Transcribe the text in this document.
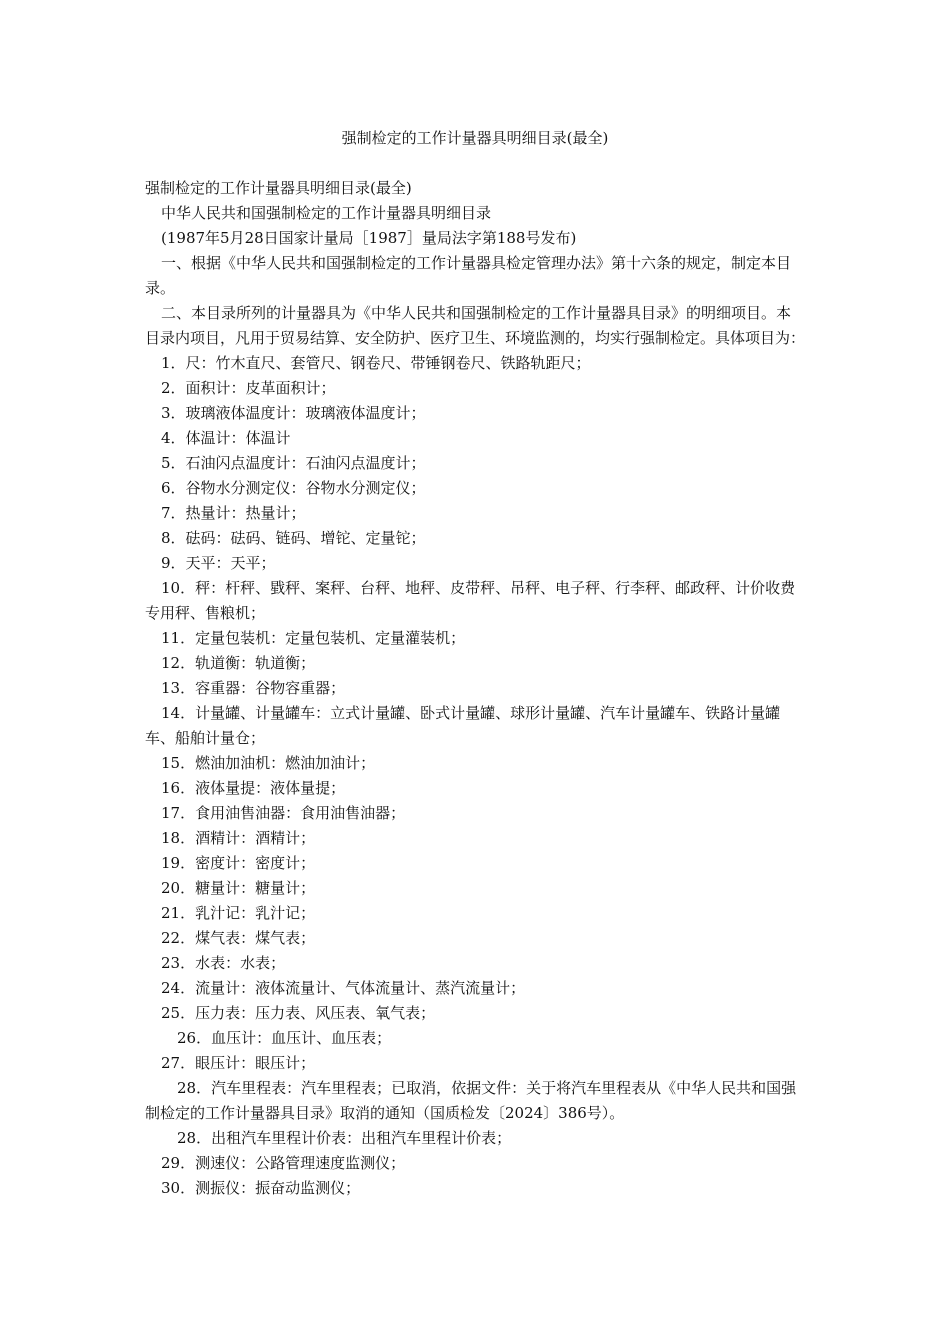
强制检定的工作计量器具明细目录(最全)

强制检定的工作计量器具明细目录(最全)

中华人民共和国强制检定的工作计量器具明细目录

(1987年5月28日国家计量局［1987］量局法字第188号发布)

一、根据《中华人民共和国强制检定的工作计量器具检定管理办法》第十六条的规定，制定本目录。

二、本目录所列的计量器具为《中华人民共和国强制检定的工作计量器具目录》的明细项目。本目录内项目，凡用于贸易结算、安全防护、医疗卫生、环境监测的，均实行强制检定。具体项目为：

1．尺：竹木直尺、套管尺、钢卷尺、带锤钢卷尺、铁路轨距尺；

2．面积计：皮革面积计；

3．玻璃液体温度计：玻璃液体温度计；

4．体温计：体温计

5．石油闪点温度计：石油闪点温度计；

6．谷物水分测定仪：谷物水分测定仪；

7．热量计：热量计；

8．砝码：砝码、链码、增铊、定量铊；

9．天平：天平；

10．秤：杆秤、戥秤、案秤、台秤、地秤、皮带秤、吊秤、电子秤、行李秤、邮政秤、计价收费专用秤、售粮机；

11．定量包装机：定量包装机、定量灌装机；

12．轨道衡：轨道衡；

13．容重器：谷物容重器；

14．计量罐、计量罐车：立式计量罐、卧式计量罐、球形计量罐、汽车计量罐车、铁路计量罐车、船舶计量仓；

15．燃油加油机：燃油加油计；

16．液体量提：液体量提；

17．食用油售油器：食用油售油器；

18．酒精计：酒精计；

19．密度计：密度计；

20．糖量计：糖量计；

21．乳汁记：乳汁记；

22．煤气表：煤气表；

23．水表：水表；

24．流量计：液体流量计、气体流量计、蒸汽流量计；

25．压力表：压力表、风压表、氧气表；

26．血压计：血压计、血压表；

27．眼压计：眼压计；

28．汽车里程表：汽车里程表；已取消，依据文件：关于将汽车里程表从《中华人民共和国强制检定的工作计量器具目录》取消的通知（国质检发〔2024〕386号）。

28．出租汽车里程计价表：出租汽车里程计价表；

29．测速仪：公路管理速度监测仪；

30．测振仪：振奋动监测仪；
